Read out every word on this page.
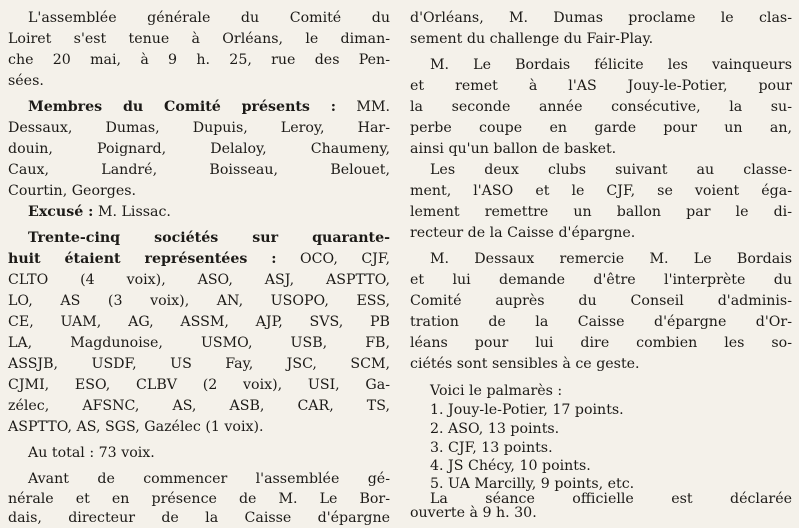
L'assemblée générale du Comité du
Loiret s'est tenue à Orléans, le diman-
che 20 mai, à 9 h. 25, rue des Pen-
sées.
Membres du Comité présents : MM.
Dessaux, Dumas, Dupuis, Leroy, Har-
douin, Poignard, Delaloy, Chaumeny,
Caux, Landré, Boisseau, Belouet,
Courtin, Georges.
Excusé : M. Lissac.
Trente-cinq sociétés sur quarante-
huit étaient représentées : OCO, CJF,
CLTO (4 voix), ASO, ASJ, ASPTTO,
LO, AS (3 voix), AN, USOPO, ESS,
CE, UAM, AG, ASSM, AJP, SVS, PB
LA, Magdunoise, USMO, USB, FB,
ASSJB, USDF, US Fay, JSC, SCM,
CJMI, ESO, CLBV (2 voix), USI, Ga-
zélec, AFSNC, AS, ASB, CAR, TS,
ASPTTO, AS, SGS, Gazélec (1 voix).
Au total : 73 voix.
Avant de commencer l'assemblée gé-
nérale et en présence de M. Le Bor-
dais, directeur de la Caisse d'épargne
d'Orléans, M. Dumas proclame le clas-
sement du challenge du Fair-Play.
M. Le Bordais félicite les vainqueurs
et remet à l'AS Jouy-le-Potier, pour
la seconde année consécutive, la su-
perbe coupe en garde pour un an,
ainsi qu'un ballon de basket.
Les deux clubs suivant au classe-
ment, l'ASO et le CJF, se voient éga-
lement remettre un ballon par le di-
recteur de la Caisse d'épargne.
M. Dessaux remercie M. Le Bordais
et lui demande d'être l'interprète du
Comité auprès du Conseil d'adminis-
tration de la Caisse d'épargne d'Or-
léans pour lui dire combien les so-
ciétés sont sensibles à ce geste.
Voici le palmarès :
1. Jouy-le-Potier, 17 points.
2. ASO, 13 points.
3. CJF, 13 points.
4. JS Chécy, 10 points.
5. UA Marcilly, 9 points, etc.
La séance officielle est déclarée
ouverte à 9 h. 30.
